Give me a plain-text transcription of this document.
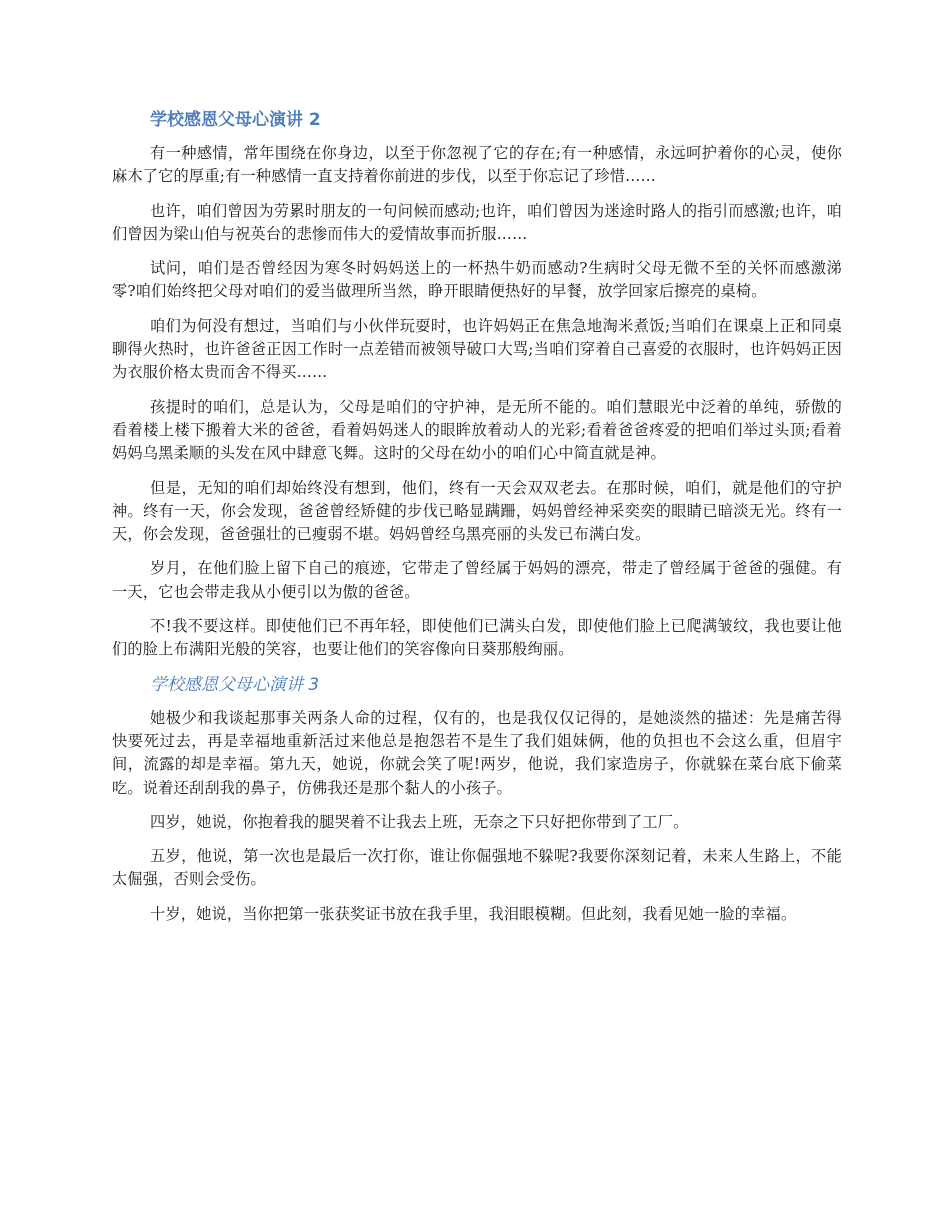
学校感恩父母心演讲 2

有一种感情，常年围绕在你身边，以至于你忽视了它的存在;有一种感情，永远呵护着你的心灵，使你麻木了它的厚重;有一种感情一直支持着你前进的步伐，以至于你忘记了珍惜……

也许，咱们曾因为劳累时朋友的一句问候而感动;也许，咱们曾因为迷途时路人的指引而感激;也许，咱们曾因为梁山伯与祝英台的悲惨而伟大的爱情故事而折服……

试问，咱们是否曾经因为寒冬时妈妈送上的一杯热牛奶而感动?生病时父母无微不至的关怀而感激涕零?咱们始终把父母对咱们的爱当做理所当然，睁开眼睛便热好的早餐，放学回家后擦亮的桌椅。

咱们为何没有想过，当咱们与小伙伴玩耍时，也许妈妈正在焦急地淘米煮饭;当咱们在课桌上正和同桌聊得火热时，也许爸爸正因工作时一点差错而被领导破口大骂;当咱们穿着自己喜爱的衣服时，也许妈妈正因为衣服价格太贵而舍不得买……

孩提时的咱们，总是认为，父母是咱们的守护神，是无所不能的。咱们慧眼光中泛着的单纯，骄傲的看着楼上楼下搬着大米的爸爸，看着妈妈迷人的眼眸放着动人的光彩;看着爸爸疼爱的把咱们举过头顶;看着妈妈乌黑柔顺的头发在风中肆意飞舞。这时的父母在幼小的咱们心中简直就是神。

但是，无知的咱们却始终没有想到，他们，终有一天会双双老去。在那时候，咱们，就是他们的守护神。终有一天，你会发现，爸爸曾经矫健的步伐已略显蹒跚，妈妈曾经神采奕奕的眼睛已暗淡无光。终有一天，你会发现，爸爸强壮的已瘦弱不堪。妈妈曾经乌黑亮丽的头发已布满白发。

岁月，在他们脸上留下自己的痕迹，它带走了曾经属于妈妈的漂亮，带走了曾经属于爸爸的强健。有一天，它也会带走我从小便引以为傲的爸爸。

不!我不要这样。即使他们已不再年轻，即使他们已满头白发，即使他们脸上已爬满皱纹，我也要让他们的脸上布满阳光般的笑容，也要让他们的笑容像向日葵那般绚丽。

学校感恩父母心演讲 3

她极少和我谈起那事关两条人命的过程，仅有的，也是我仅仅记得的，是她淡然的描述：先是痛苦得快要死过去，再是幸福地重新活过来他总是抱怨若不是生了我们姐妹俩，他的负担也不会这么重，但眉宇间，流露的却是幸福。第九天，她说，你就会笑了呢!两岁，他说，我们家造房子，你就躲在菜台底下偷菜吃。说着还刮刮我的鼻子，仿佛我还是那个黏人的小孩子。

四岁，她说，你抱着我的腿哭着不让我去上班，无奈之下只好把你带到了工厂。

五岁，他说，第一次也是最后一次打你，谁让你倔强地不躲呢?我要你深刻记着，未来人生路上，不能太倔强，否则会受伤。

十岁，她说，当你把第一张获奖证书放在我手里，我泪眼模糊。但此刻，我看见她一脸的幸福。
